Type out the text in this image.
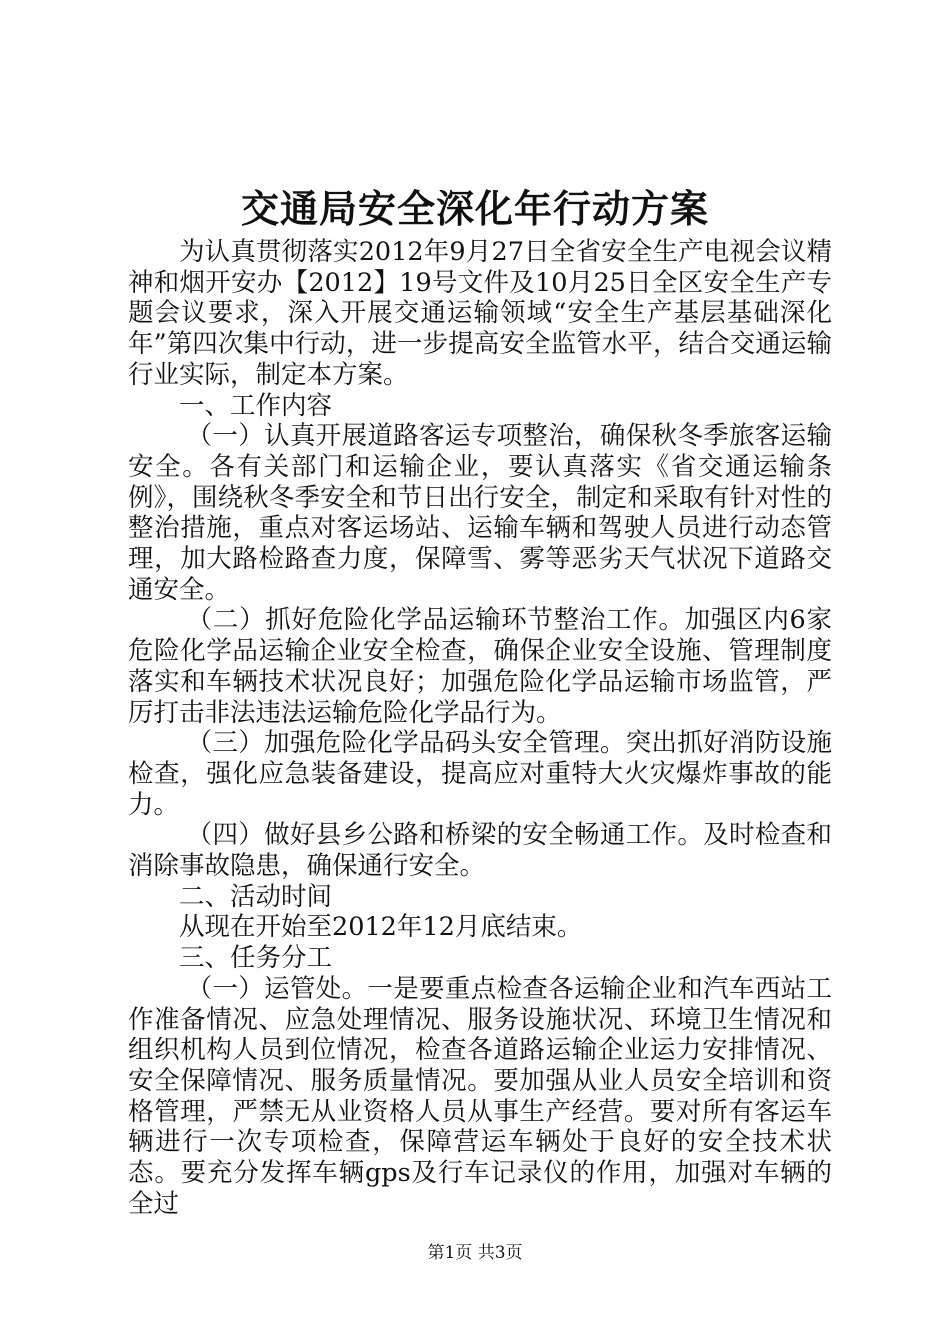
交通局安全深化年行动方案

为认真贯彻落实2012年9月27日全省安全生产电视会议精神和烟开安办【2012】19号文件及10月25日全区安全生产专题会议要求，深入开展交通运输领域“安全生产基层基础深化年”第四次集中行动，进一步提高安全监管水平，结合交通运输行业实际，制定本方案。

一、工作内容

（一）认真开展道路客运专项整治，确保秋冬季旅客运输安全。各有关部门和运输企业，要认真落实《省交通运输条例》，围绕秋冬季安全和节日出行安全，制定和采取有针对性的整治措施，重点对客运场站、运输车辆和驾驶人员进行动态管理，加大路检路查力度，保障雪、雾等恶劣天气状况下道路交通安全。

（二）抓好危险化学品运输环节整治工作。加强区内6家危险化学品运输企业安全检查，确保企业安全设施、管理制度落实和车辆技术状况良好；加强危险化学品运输市场监管，严厉打击非法违法运输危险化学品行为。

（三）加强危险化学品码头安全管理。突出抓好消防设施检查，强化应急装备建设，提高应对重特大火灾爆炸事故的能力。

（四）做好县乡公路和桥梁的安全畅通工作。及时检查和消除事故隐患，确保通行安全。

二、活动时间

从现在开始至2012年12月底结束。

三、任务分工

（一）运管处。一是要重点检查各运输企业和汽车西站工作准备情况、应急处理情况、服务设施状况、环境卫生情况和组织机构人员到位情况，检查各道路运输企业运力安排情况、安全保障情况、服务质量情况。要加强从业人员安全培训和资格管理，严禁无从业资格人员从事生产经营。要对所有客运车辆进行一次专项检查，保障营运车辆处于良好的安全技术状态。要充分发挥车辆gps及行车记录仪的作用，加强对车辆的全过

第1页 共3页
